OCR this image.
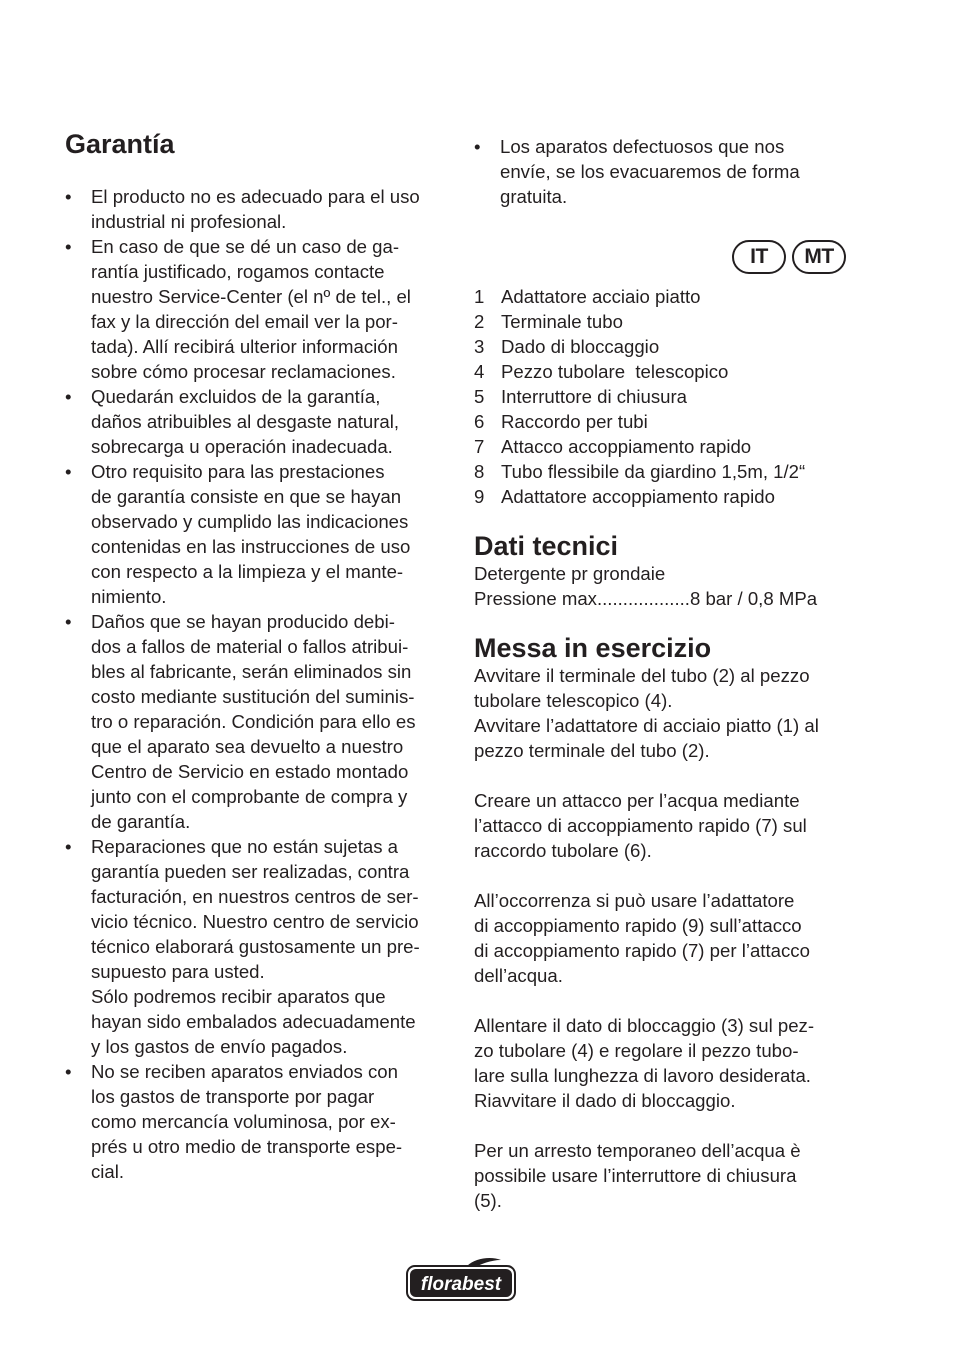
Garantía
• El producto no es adecuado para el uso
industrial ni profesional.
• En caso de que se dé un caso de ga-
rantía justificado, rogamos contacte
nuestro Service-Center (el nº de tel., el
fax y la dirección del email ver la por-
tada). Allí recibirá ulterior información
sobre cómo procesar reclamaciones.
• Quedarán excluidos de la garantía,
daños atribuibles al desgaste natural,
sobrecarga u operación inadecuada.
• Otro requisito para las prestaciones
de garantía consiste en que se hayan
observado y cumplido las indicaciones
contenidas en las instrucciones de uso
con respecto a la limpieza y el mante-
nimiento.
• Daños que se hayan producido debi-
dos a fallos de material o fallos atribui-
bles al fabricante, serán eliminados sin
costo mediante sustitución del suminis-
tro o reparación. Condición para ello es
que el aparato sea devuelto a nuestro
Centro de Servicio en estado montado
junto con el comprobante de compra y
de garantía.
• Reparaciones que no están sujetas a
garantía pueden ser realizadas, contra
facturación, en nuestros centros de ser-
vicio técnico. Nuestro centro de servicio
técnico elaborará gustosamente un pre-
supuesto para usted.
Sólo podremos recibir aparatos que
hayan sido embalados adecuadamente
y los gastos de envío pagados.
• No se reciben aparatos enviados con
los gastos de transporte por pagar
como mercancía voluminosa, por ex-
prés u otro medio de transporte espe-
cial.
• Los aparatos defectuosos que nos
envíe, se los evacuaremos de forma
gratuita.
IT	MT
1 Adattatore acciaio piatto
2 Terminale tubo
3 Dado di bloccaggio
4 Pezzo tubolare  telescopico
5 Interruttore di chiusura
6 Raccordo per tubi
7 Attacco accoppiamento rapido
8 Tubo flessibile da giardino 1,5m, 1/2“
9 Adattatore accoppiamento rapido
Dati tecnici

Detergente pr grondaie

Pressione max..................8 bar / 0,8 MPa

Messa in esercizio

Avvitare il terminale del tubo (2) al pezzo
tubolare telescopico (4).
Avvitare l’adattatore di acciaio piatto (1) al
pezzo terminale del tubo (2).

Creare un attacco per l’acqua mediante
l’attacco di accoppiamento rapido (7) sul
raccordo tubolare (6).

All’occorrenza si può usare l’adattatore
di accoppiamento rapido (9) sull’attacco
di accoppiamento rapido (7) per l’attacco
dell’acqua.

Allentare il dato di bloccaggio (3) sul pez-
zo tubolare (4) e regolare il pezzo tubo-
lare sulla lunghezza di lavoro desiderata.
Riavvitare il dado di bloccaggio.

Per un arresto temporaneo dell’acqua è
possibile usare l’interruttore di chiusura
(5).

florabest
